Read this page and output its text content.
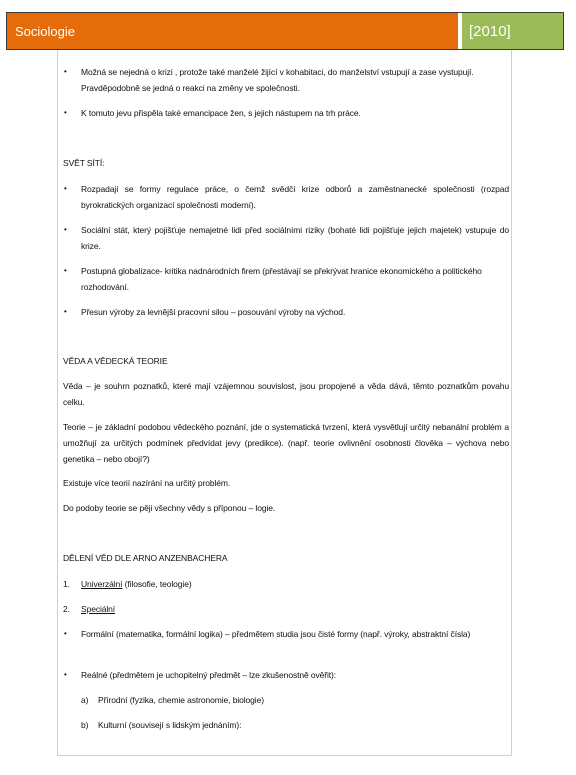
Sociologie	[2010]
• Možná se nejedná o krizi , protože také manželé žijící v kohabitaci, do manželství vstupují a zase vystupují. Pravděpodobně se jedná o reakci na změny ve společnosti.
• K tomuto jevu přispěla také emancipace žen, s jejich nástupem na trh práce.
SVĚT SÍTÍ:
• Rozpadají se formy regulace práce, o čemž svědčí krize odborů a zaměstnanecké společnosti (rozpad byrokratických organizací společnosti moderní).
• Sociální stát, který pojišťuje nemajetné lidi před sociálními riziky (bohaté lidi pojišťuje jejich majetek) vstupuje do krize.
• Postupná globalizace- kritika nadnárodních firem (přestávají se překrývat hranice ekonomického a politického rozhodování.
• Přesun výroby za levnější pracovní silou – posouvání výroby na východ.
VĚDA A VĚDECKÁ TEORIE
Věda – je souhrn poznatků, které mají vzájemnou souvislost, jsou propojené a věda dává, těmto poznatkům povahu celku.
Teorie – je základní podobou vědeckého poznání, jde o systematická tvrzení, která vysvětlují určitý nebanální problém a umožňují za určitých podmínek předvídat jevy (predikce). (např. teorie ovlivnění osobnosti člověka – výchova nebo genetika – nebo obojí?)
Existuje více teorií nazírání na určitý problém.
Do podoby teorie se pěji všechny vědy s příponou – logie.
DĚLENÍ VĚD DLE ARNO ANZENBACHERA
1. Univerzální (filosofie, teologie)
2. Speciální
• Formální (matematika, formální logika) – předmětem studia jsou čisté formy (např. výroky, abstraktní čísla)
• Reálné (předmětem je uchopitelný předmět – lze zkušenostně ověřit):
a) Přírodní (fyzika, chemie astronomie, biologie)
b) Kulturní (souvisejí s lidským jednáním):
